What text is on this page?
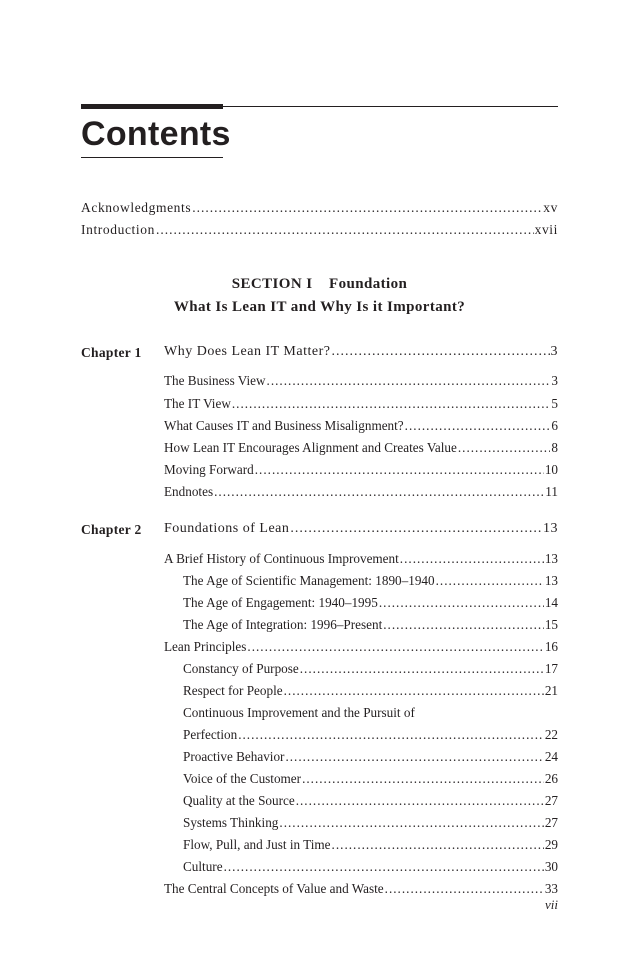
Contents
Acknowledgments .....	xv
Introduction .....	xvii
SECTION I    Foundation
What Is Lean IT and Why Is it Important?
Chapter 1 Why Does Lean IT Matter? .....	3
The Business View .....	3
The IT View .....	5
What Causes IT and Business Misalignment? .....	6
How Lean IT Encourages Alignment and Creates Value .....	8
Moving Forward .....	10
Endnotes .....	11
Chapter 2 Foundations of Lean .....	13
A Brief History of Continuous Improvement .....	13
The Age of Scientific Management: 1890–1940 .....	13
The Age of Engagement: 1940–1995 .....	14
The Age of Integration: 1996–Present .....	15
Lean Principles .....	16
Constancy of Purpose .....	17
Respect for People .....	21
Continuous Improvement and the Pursuit of
Perfection .....	22
Proactive Behavior .....	24
Voice of the Customer .....	26
Quality at the Source .....	27
Systems Thinking .....	27
Flow, Pull, and Just in Time .....	29
Culture .....	30
The Central Concepts of Value and Waste .....	33
vii
